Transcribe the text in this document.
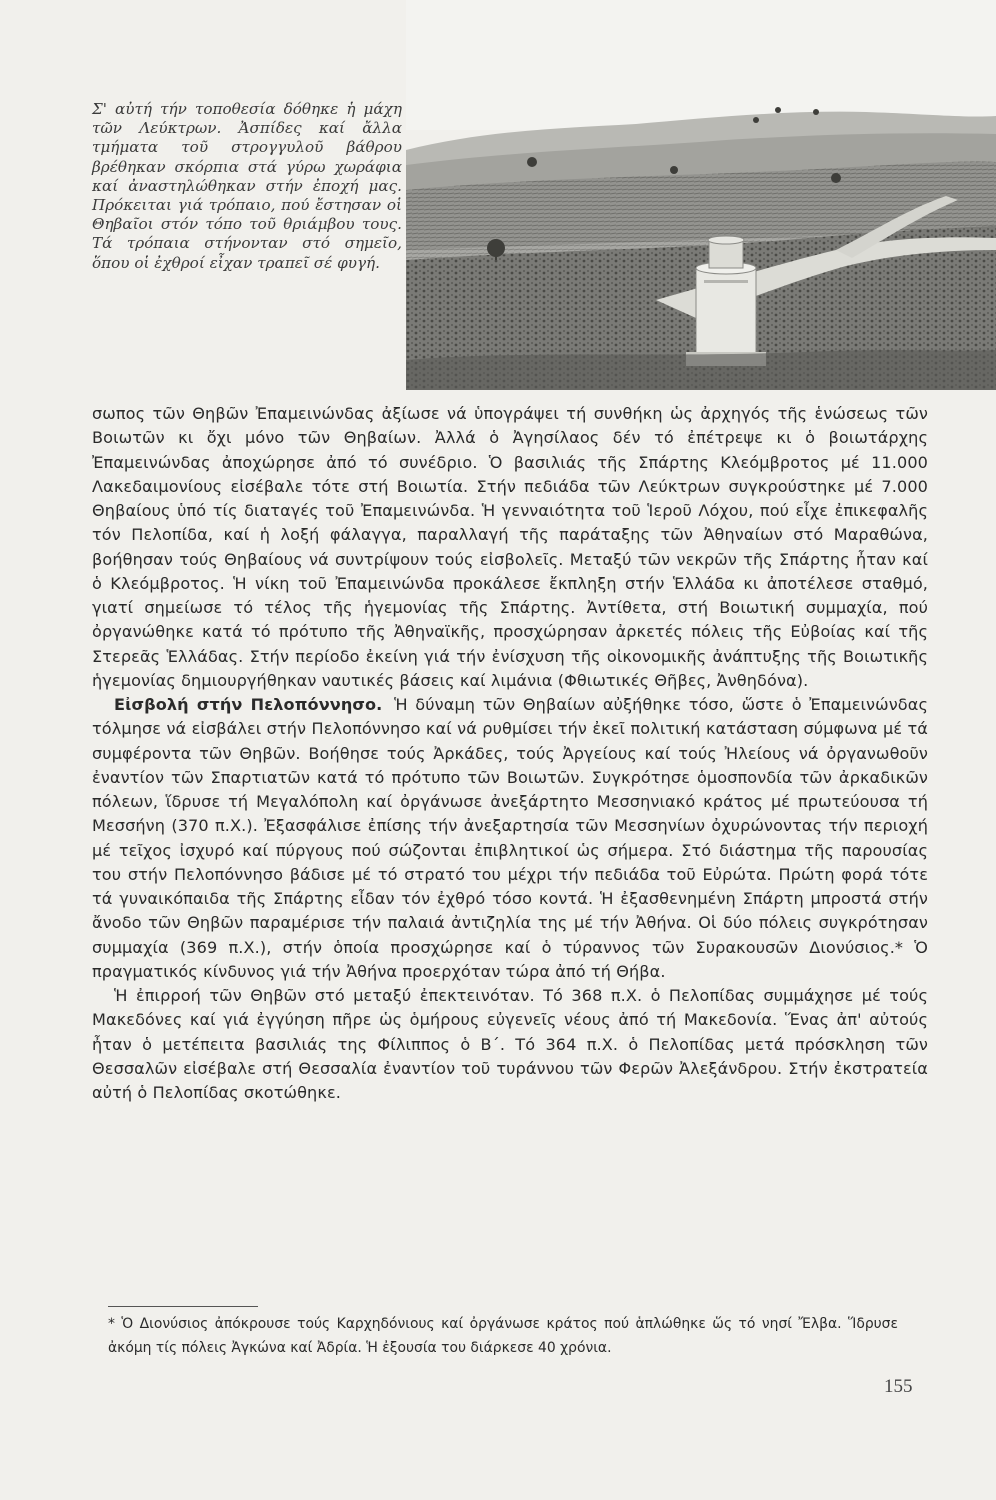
Σ' αὐτή τήν τοποθεσία δόθηκε ἡ μάχη τῶν Λεύκτρων. Ἀσπίδες καί ἄλλα τμήματα τοῦ στρογγυλοῦ βάθρου βρέθηκαν σκόρπια στά γύρω χωράφια καί ἀναστηλώθηκαν στήν ἐποχή μας. Πρόκειται γιά τρόπαιο, πού ἔστησαν οἱ Θηβαῖοι στόν τόπο τοῦ θριάμβου τους. Τά τρόπαια στήνονταν στό σημεῖο, ὅπου οἱ ἐχθροί εἶχαν τραπεῖ σέ φυγή.

σωπος τῶν Θηβῶν Ἐπαμεινώνδας ἀξίωσε νά ὑπογράψει τή συνθήκη ὡς ἀρχηγός τῆς ἑνώσεως τῶν Βοιωτῶν κι ὄχι μόνο τῶν Θηβαίων. Ἀλλά ὁ Ἀγησίλαος δέν τό ἐπέτρεψε κι ὁ βοιωτάρχης Ἐπαμεινώνδας ἀποχώρησε ἀπό τό συνέδριο. Ὁ βασιλιάς τῆς Σπάρτης Κλεόμβροτος μέ 11.000 Λακεδαιμονίους εἰσέβαλε τότε στή Βοιωτία. Στήν πεδιάδα τῶν Λεύκτρων συγκρούστηκε μέ 7.000 Θηβαίους ὑπό τίς διαταγές τοῦ Ἐπαμεινώνδα. Ἡ γενναιότητα τοῦ Ἱεροῦ Λόχου, πού εἶχε ἐπικεφαλῆς τόν Πελοπίδα, καί ἡ λοξή φάλαγγα, παραλλαγή τῆς παράταξης τῶν Ἀθηναίων στό Μαραθώνα, βοήθησαν τούς Θηβαίους νά συντρίψουν τούς εἰσβολεῖς. Μεταξύ τῶν νεκρῶν τῆς Σπάρτης ἦταν καί ὁ Κλεόμβροτος. Ἡ νίκη τοῦ Ἐπαμεινώνδα προκάλεσε ἔκπληξη στήν Ἑλλάδα κι ἀποτέλεσε σταθμό, γιατί σημείωσε τό τέλος τῆς ἡγεμονίας τῆς Σπάρτης. Ἀντίθετα, στή Βοιωτική συμμαχία, πού ὀργανώθηκε κατά τό πρότυπο τῆς Ἀθηναϊκῆς, προσχώρησαν ἀρκετές πόλεις τῆς Εὐβοίας καί τῆς Στερεᾶς Ἑλλάδας. Στήν περίοδο ἐκείνη γιά τήν ἐνίσχυση τῆς οἰκονομικῆς ἀνάπτυξης τῆς Βοιωτικῆς ἡγεμονίας δημιουργήθηκαν ναυτικές βάσεις καί λιμάνια (Φθιωτικές Θῆβες, Ἀνθηδόνα).

Εἰσβολή στήν Πελοπόννησο. Ἡ δύναμη τῶν Θηβαίων αὐξήθηκε τόσο, ὥστε ὁ Ἐπαμεινώνδας τόλμησε νά εἰσβάλει στήν Πελοπόννησο καί νά ρυθμίσει τήν ἐκεῖ πολιτική κατάσταση σύμφωνα μέ τά συμφέροντα τῶν Θηβῶν. Βοήθησε τούς Ἀρκάδες, τούς Ἀργείους καί τούς Ἠλείους νά ὀργανωθοῦν ἐναντίον τῶν Σπαρτιατῶν κατά τό πρότυπο τῶν Βοιωτῶν. Συγκρότησε ὁμοσπονδία τῶν ἀρκαδικῶν πόλεων, ἵδρυσε τή Μεγαλόπολη καί ὀργάνωσε ἀνεξάρτητο Μεσσηνιακό κράτος μέ πρωτεύουσα τή Μεσσήνη (370 π.Χ.). Ἐξασφάλισε ἐπίσης τήν ἀνεξαρτησία τῶν Μεσσηνίων ὀχυρώνοντας τήν περιοχή μέ τεῖχος ἰσχυρό καί πύργους πού σώζονται ἐπιβλητικοί ὡς σήμερα. Στό διάστημα τῆς παρουσίας του στήν Πελοπόννησο βάδισε μέ τό στρατό του μέχρι τήν πεδιάδα τοῦ Εὐρώτα. Πρώτη φορά τότε τά γυναικόπαιδα τῆς Σπάρτης εἶδαν τόν ἐχθρό τόσο κοντά. Ἡ ἐξασθενημένη Σπάρτη μπροστά στήν ἄνοδο τῶν Θηβῶν παραμέρισε τήν παλαιά ἀντιζηλία της μέ τήν Ἀθήνα. Οἱ δύο πόλεις συγκρότησαν συμμαχία (369 π.Χ.), στήν ὁποία προσχώρησε καί ὁ τύραννος τῶν Συρακουσῶν Διονύσιος.* Ὁ πραγματικός κίνδυνος γιά τήν Ἀθήνα προερχόταν τώρα ἀπό τή Θήβα.

Ἡ ἐπιρροή τῶν Θηβῶν στό μεταξύ ἐπεκτεινόταν. Τό 368 π.Χ. ὁ Πελοπίδας συμμάχησε μέ τούς Μακεδόνες καί γιά ἐγγύηση πῆρε ὡς ὁμήρους εὐγενεῖς νέους ἀπό τή Μακεδονία. Ἕνας ἀπ' αὐτούς ἦταν ὁ μετέπειτα βασιλιάς της Φίλιππος ὁ Β΄. Τό 364 π.Χ. ὁ Πελοπίδας μετά πρόσκληση τῶν Θεσσαλῶν εἰσέβαλε στή Θεσσαλία ἐναντίον τοῦ τυράννου τῶν Φερῶν Ἀλεξάνδρου. Στήν ἐκστρατεία αὐτή ὁ Πελοπίδας σκοτώθηκε.

* Ὁ Διονύσιος ἀπόκρουσε τούς Καρχηδόνιους καί ὀργάνωσε κράτος πού ἁπλώθηκε ὥς τό νησί Ἔλβα. Ἵδρυσε ἀκόμη τίς πόλεις Ἀγκώνα καί Ἀδρία. Ἡ ἐξουσία του διάρκεσε 40 χρόνια.
155
